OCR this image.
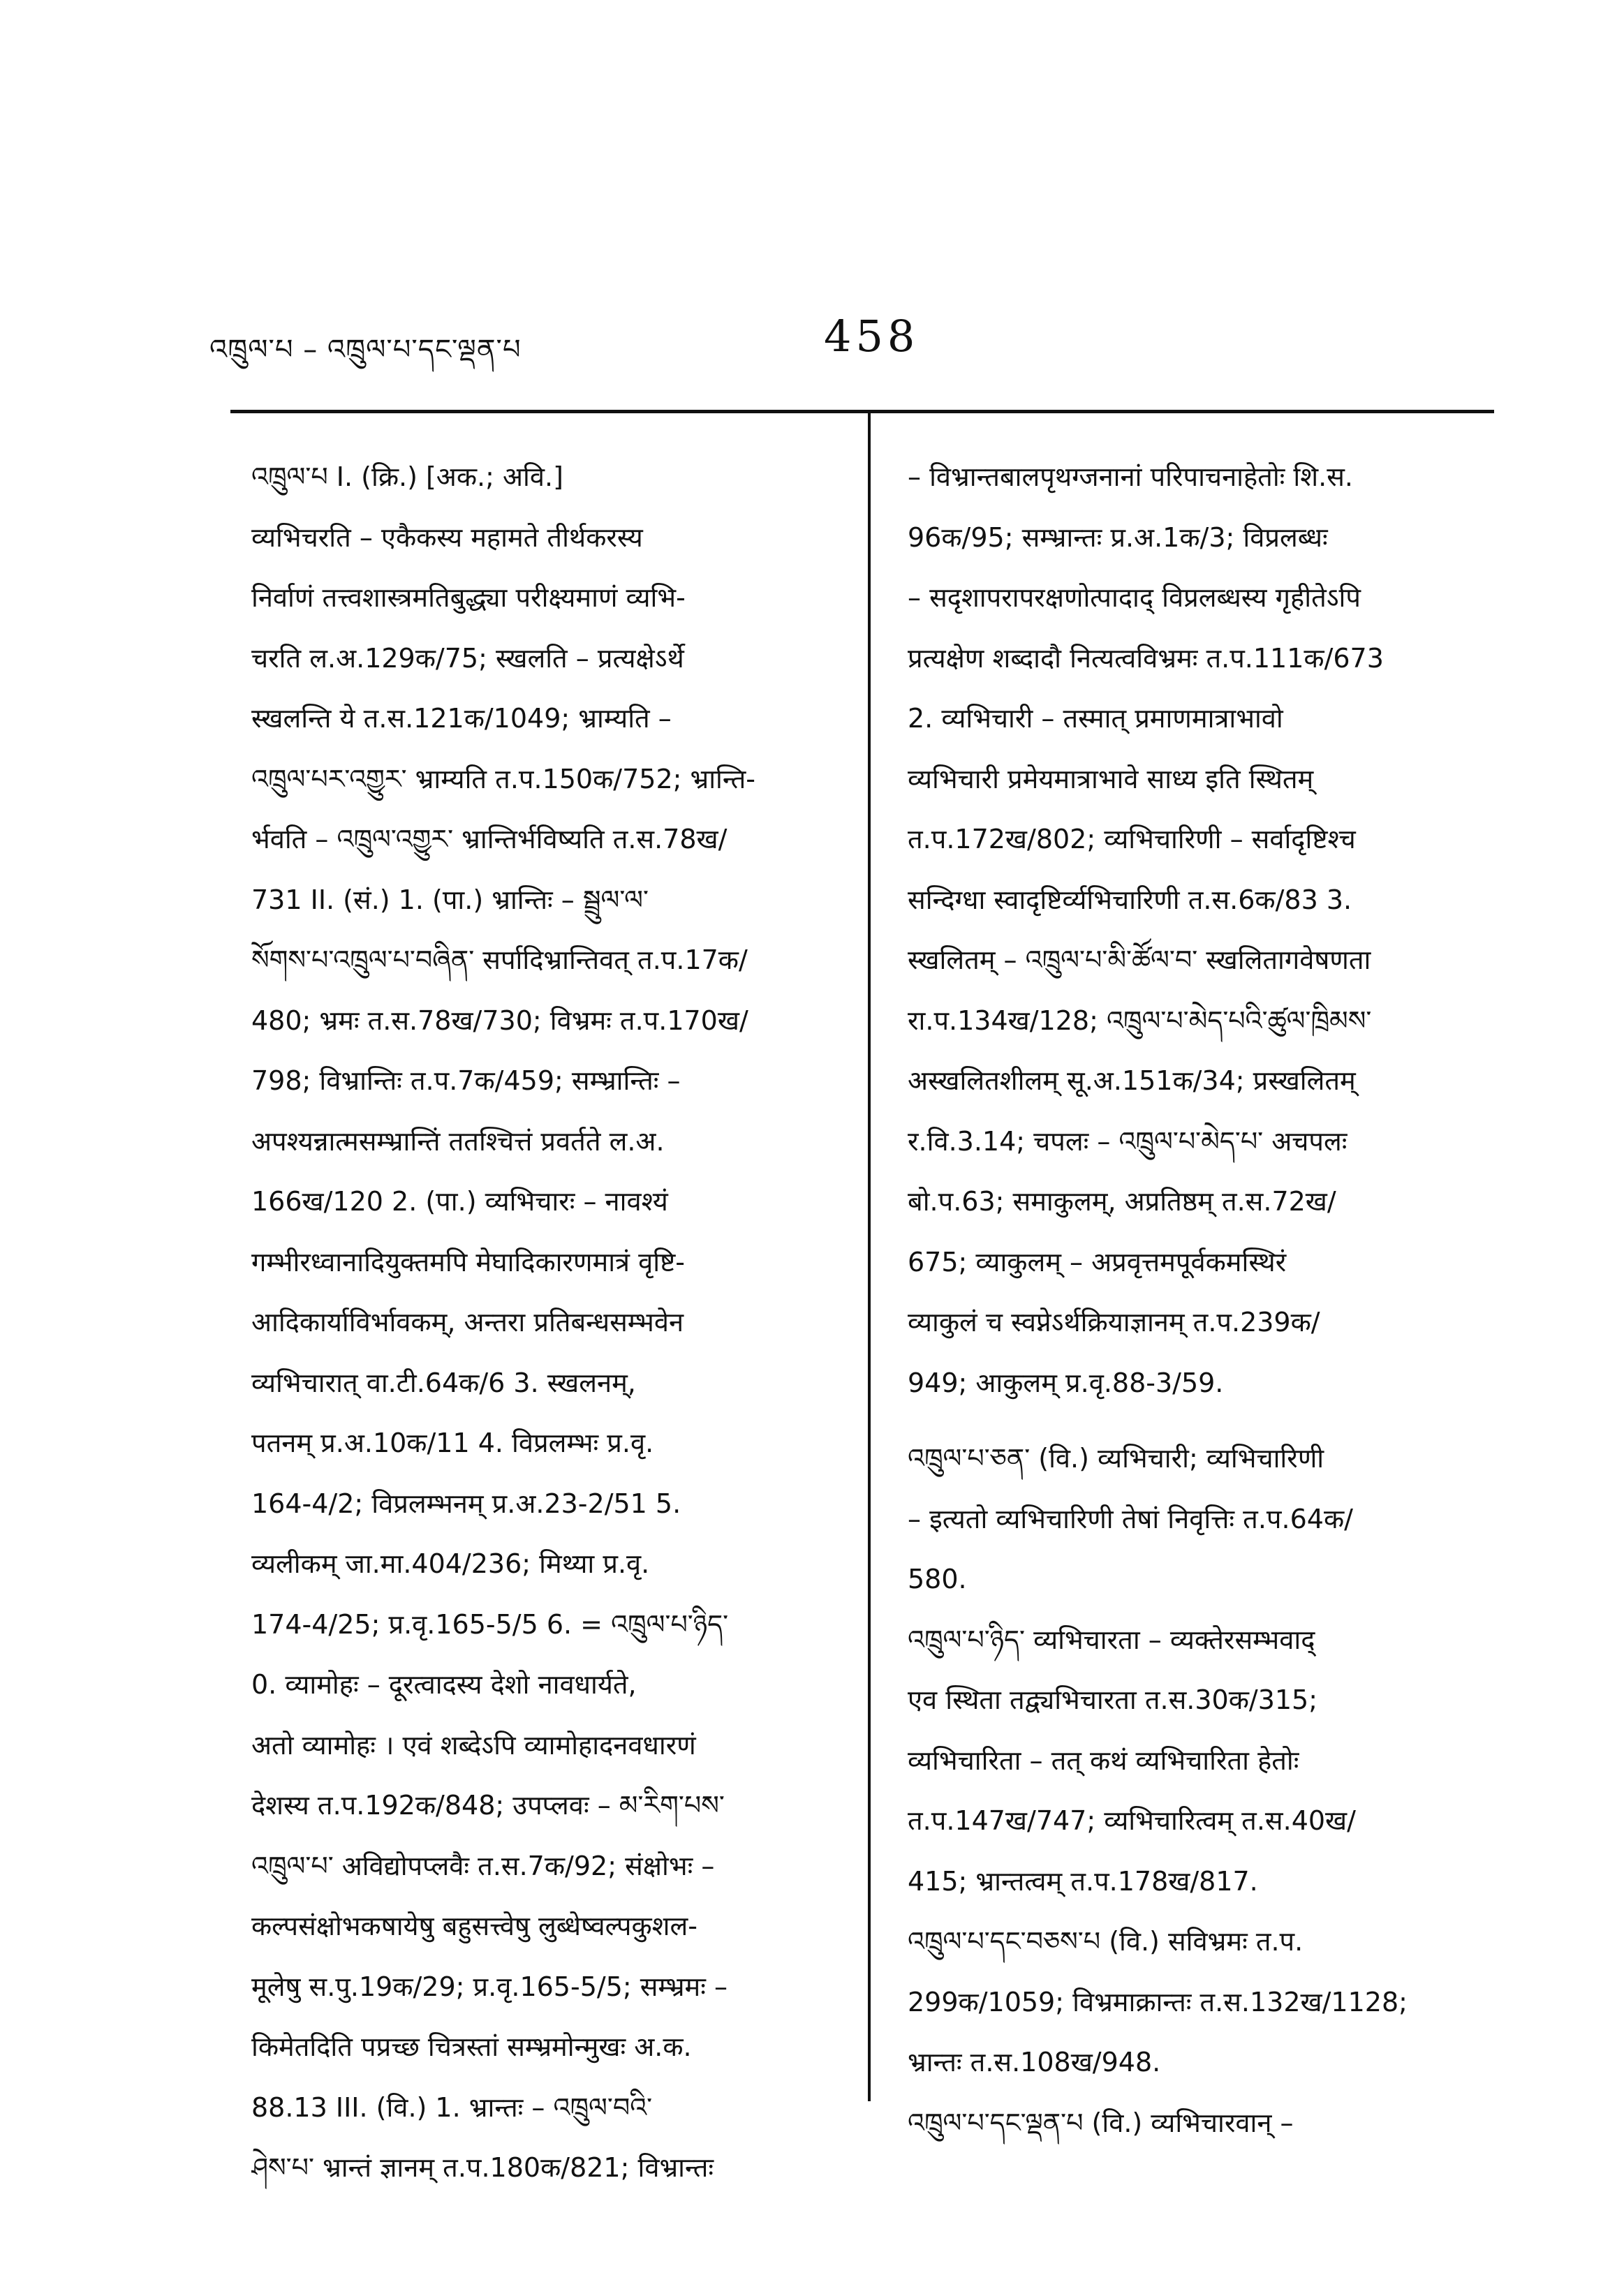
འཁྲུལ་པ – འཁྲུལ་པ་དང་ལྡན་པ	458
འཁྲུལ་པ I. (क्रि.) [अक.; अवि.]
व्यभिचरति – एकैकस्य महामते तीर्थकरस्य
निर्वाणं तत्त्वशास्त्रमतिबुद्ध्या परीक्ष्यमाणं व्यभि-
चरति ल.अ.129क/75; स्खलति – प्रत्यक्षेऽर्थे
स्खलन्ति ये त.स.121क/1049; भ्राम्यति –
འཁྲུལ་པར་འགྱུར་ भ्राम्यति त.प.150क/752; भ्रान्ति-
र्भवति – འཁྲུལ་འགྱུར་ भ्रान्तिर्भविष्यति त.स.78ख/
731 II. (सं.) 1. (पा.) भ्रान्तिः – སྦྲུལ་ལ་
སོགས་པ་འཁྲུལ་པ་བཞིན་ सर्पादिभ्रान्तिवत् त.प.17क/
480; भ्रमः त.स.78ख/730; विभ्रमः त.प.170ख/
798; विभ्रान्तिः त.प.7क/459; सम्भ्रान्तिः –
अपश्यन्नात्मसम्भ्रान्तिं ततश्चित्तं प्रवर्तते ल.अ.
166ख/120 2. (पा.) व्यभिचारः – नावश्यं
गम्भीरध्वानादियुक्तमपि मेघादिकारणमात्रं वृष्टि-
आदिकार्याविर्भावकम्, अन्तरा प्रतिबन्धसम्भवेन
व्यभिचारात् वा.टी.64क/6 3. स्खलनम्,
पतनम् प्र.अ.10क/11 4. विप्रलम्भः प्र.वृ.
164-4/2; विप्रलम्भनम् प्र.अ.23-2/51 5.
व्यलीकम् जा.मा.404/236; मिथ्या प्र.वृ.
174-4/25; प्र.वृ.165-5/5 6. = འཁྲུལ་པ་ཉིད་
0. व्यामोहः – दूरत्वादस्य देशो नावधार्यते,
अतो व्यामोहः । एवं शब्देऽपि व्यामोहादनवधारणं
देशस्य त.प.192क/848; उपप्लवः – མ་རིག་པས་
འཁྲུལ་པ་ अविद्योपप्लवैः त.स.7क/92; संक्षोभः –
कल्पसंक्षोभकषायेषु बहुसत्त्वेषु लुब्धेष्वल्पकुशल-
मूलेषु स.पु.19क/29; प्र.वृ.165-5/5; सम्भ्रमः –
किमेतदिति पप्रच्छ चित्रस्तां सम्भ्रमोन्मुखः अ.क.
88.13 III. (वि.) 1. भ्रान्तः – འཁྲུལ་བའི་
ཤེས་པ་ भ्रान्तं ज्ञानम् त.प.180क/821; विभ्रान्तः
– विभ्रान्तबालपृथग्जनानां परिपाचनाहेतोः शि.स.
96क/95; सम्भ्रान्तः प्र.अ.1क/3; विप्रलब्धः
– सदृशापरापरक्षणोत्पादाद् विप्रलब्धस्य गृहीतेऽपि
प्रत्यक्षेण शब्दादौ नित्यत्वविभ्रमः त.प.111क/673
2. व्यभिचारी – तस्मात् प्रमाणमात्राभावो
व्यभिचारी प्रमेयमात्राभावे साध्य इति स्थितम्
त.प.172ख/802; व्यभिचारिणी – सर्वादृष्टिश्च
सन्दिग्धा स्वादृष्टिर्व्यभिचारिणी त.स.6क/83 3.
स्खलितम् – འཁྲུལ་པ་མི་ཚོལ་བ་ स्खलितागवेषणता
रा.प.134ख/128; འཁྲུལ་པ་མེད་པའི་ཚུལ་ཁྲིམས་
अस्खलितशीलम् सू.अ.151क/34; प्रस्खलितम्
र.वि.3.14; चपलः – འཁྲུལ་པ་མེད་པ་ अचपलः
बो.प.63; समाकुलम्, अप्रतिष्ठम् त.स.72ख/
675; व्याकुलम् – अप्रवृत्तमपूर्वकमस्थिरं
व्याकुलं च स्वप्नेऽर्थक्रियाज्ञानम् त.प.239क/
949; आकुलम् प्र.वृ.88-3/59.
འཁྲུལ་པ་ཅན་ (वि.) व्यभिचारी; व्यभिचारिणी
– इत्यतो व्यभिचारिणी तेषां निवृत्तिः त.प.64क/
580.
འཁྲུལ་པ་ཉིད་ व्यभिचारता – व्यक्तेरसम्भवाद्
एव स्थिता तद्व्यभिचारता त.स.30क/315;
व्यभिचारिता – तत् कथं व्यभिचारिता हेतोः
त.प.147ख/747; व्यभिचारित्वम् त.स.40ख/
415; भ्रान्तत्वम् त.प.178ख/817.
འཁྲུལ་པ་དང་བཅས་པ (वि.) सविभ्रमः त.प.
299क/1059; विभ्रमाक्रान्तः त.स.132ख/1128;
भ्रान्तः त.स.108ख/948.
འཁྲུལ་པ་དང་ལྡན་པ (वि.) व्यभिचारवान् –
